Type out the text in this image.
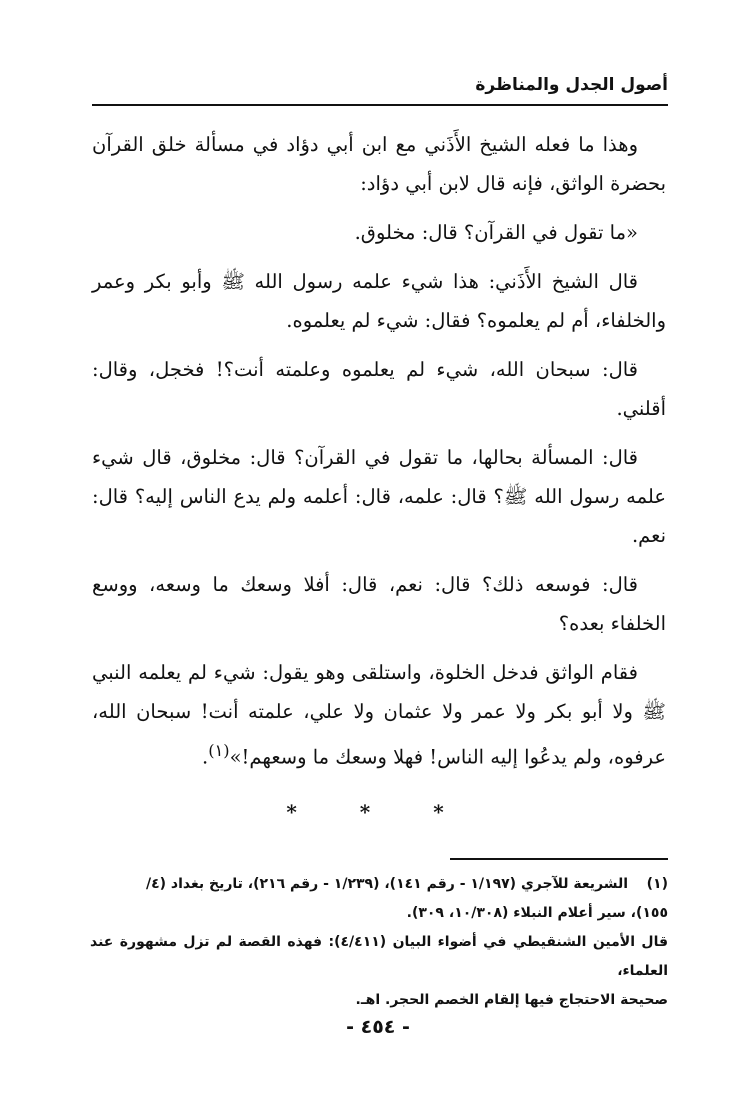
أصول الجدل والمناظرة

وهذا ما فعله الشيخ الأَذَني مع ابن أبي دؤاد في مسألة خلق القرآن بحضرة الواثق، فإنه قال لابن أبي دؤاد:

«ما تقول في القرآن؟ قال: مخلوق.

قال الشيخ الأَذَني: هذا شيء علمه رسول الله ﷺ وأبو بكر وعمر والخلفاء، أم لم يعلموه؟ فقال: شيء لم يعلموه.

قال: سبحان الله، شيء لم يعلموه وعلمته أنت؟! فخجل، وقال: أقلني.

قال: المسألة بحالها، ما تقول في القرآن؟ قال: مخلوق، قال شيء علمه رسول الله ﷺ؟ قال: علمه، قال: أعلمه ولم يدع الناس إليه؟ قال: نعم.

قال: فوسعه ذلك؟ قال: نعم، قال: أفلا وسعك ما وسعه، ووسع الخلفاء بعده؟

فقام الواثق فدخل الخلوة، واستلقى وهو يقول: شيء لم يعلمه النبي ﷺ ولا أبو بكر ولا عمر ولا عثمان ولا علي، علمته أنت! سبحان الله، عرفوه، ولم يدعُوا إليه الناس! فهلا وسعك ما وسعهم!»$^{(١)}$.

* * *
(١)الشريعة للآجري (١/١٩٧ - رقم ١٤١)، (١/٢٣٩ - رقم ٢١٦)، تاريخ بغداد (٤/
١٥٥)، سير أعلام النبلاء (١٠/٣٠٨، ٣٠٩).
قال الأمين الشنقيطي في أضواء البيان (٤/٤١١): فهذه القصة لم تزل مشهورة عند العلماء،
صحيحة الاحتجاج فيها إلقام الخصم الحجر. اهـ.
- ٤٥٤ -
